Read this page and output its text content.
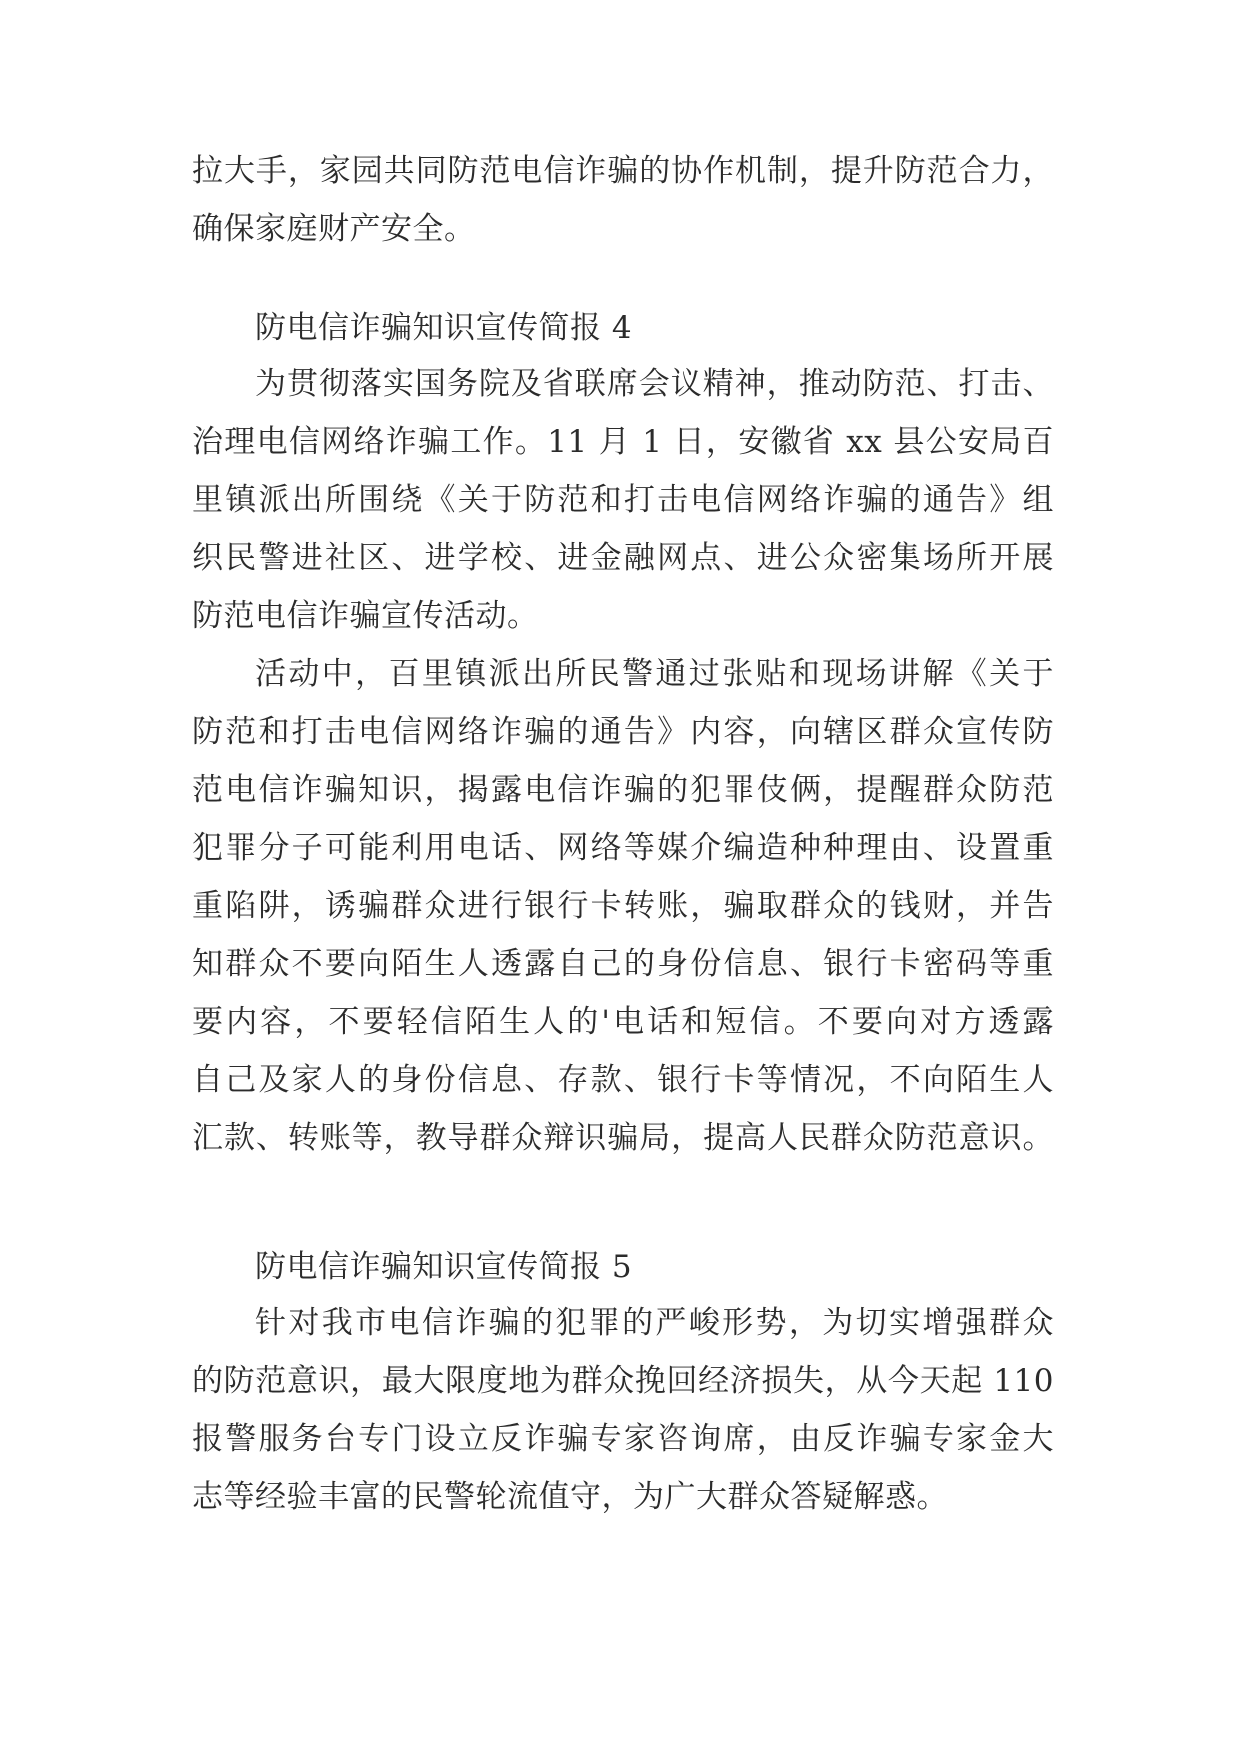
拉大手，家园共同防范电信诈骗的协作机制，提升防范合力，
确保家庭财产安全。
防电信诈骗知识宣传简报 4
为贯彻落实国务院及省联席会议精神，推动防范、打击、
治理电信网络诈骗工作。11 月 1 日，安徽省 xx 县公安局百
里镇派出所围绕《关于防范和打击电信网络诈骗的通告》组
织民警进社区、进学校、进金融网点、进公众密集场所开展
防范电信诈骗宣传活动。
活动中，百里镇派出所民警通过张贴和现场讲解《关于
防范和打击电信网络诈骗的通告》内容，向辖区群众宣传防
范电信诈骗知识，揭露电信诈骗的犯罪伎俩，提醒群众防范
犯罪分子可能利用电话、网络等媒介编造种种理由、设置重
重陷阱，诱骗群众进行银行卡转账，骗取群众的钱财，并告
知群众不要向陌生人透露自己的身份信息、银行卡密码等重
要内容，不要轻信陌生人的'电话和短信。不要向对方透露
自己及家人的身份信息、存款、银行卡等情况，不向陌生人
汇款、转账等，教导群众辩识骗局，提高人民群众防范意识。
防电信诈骗知识宣传简报 5
针对我市电信诈骗的犯罪的严峻形势，为切实增强群众
的防范意识，最大限度地为群众挽回经济损失，从今天起 110
报警服务台专门设立反诈骗专家咨询席，由反诈骗专家金大
志等经验丰富的民警轮流值守，为广大群众答疑解惑。
